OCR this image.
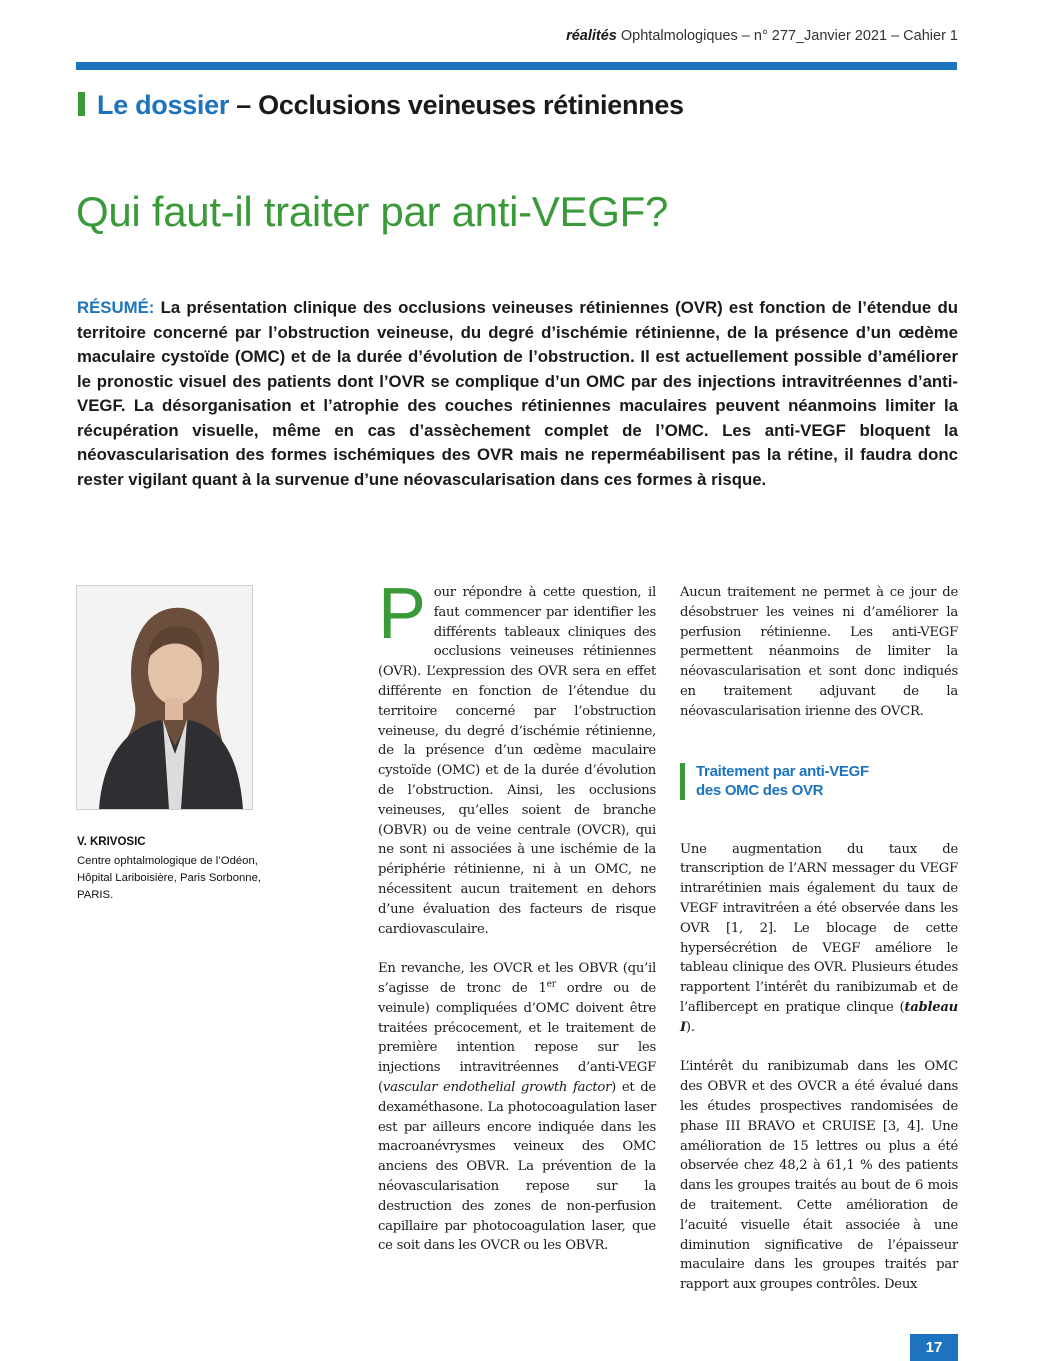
réalités Ophtalmologiques – n° 277_Janvier 2021 – Cahier 1
Le dossier – Occlusions veineuses rétiniennes
Qui faut-il traiter par anti-VEGF?

RÉSUMÉ: La présentation clinique des occlusions veineuses rétiniennes (OVR) est fonction de l’étendue du territoire concerné par l’obstruction veineuse, du degré d’ischémie rétinienne, de la présence d’un œdème maculaire cystoïde (OMC) et de la durée d’évolution de l’obstruction. Il est actuellement possible d’améliorer le pronostic visuel des patients dont l’OVR se complique d’un OMC par des injections intravitréennes d’anti-VEGF. La désorganisation et l’atrophie des couches rétiniennes maculaires peuvent néanmoins limiter la récupération visuelle, même en cas d’assèchement complet de l’OMC. Les anti-VEGF bloquent la néovascularisation des formes ischémiques des OVR mais ne reperméabilisent pas la rétine, il faudra donc rester vigilant quant à la survenue d’une néovascularisation dans ces formes à risque.

V. KRIVOSIC

Centre ophtalmologique de l’Odéon,
Hôpital Lariboisière, Paris Sorbonne,
PARIS.

Pour répondre à cette question, il faut commencer par identifier les différents tableaux cliniques des occlusions veineuses rétiniennes (OVR). L’expression des OVR sera en effet différente en fonction de l’étendue du territoire concerné par l’obstruction veineuse, du degré d’ischémie rétinienne, de la présence d’un œdème maculaire cystoïde (OMC) et de la durée d’évolution de l’obstruction. Ainsi, les occlusions veineuses, qu’elles soient de branche (OBVR) ou de veine centrale (OVCR), qui ne sont ni associées à une ischémie de la périphérie rétinienne, ni à un OMC, ne nécessitent aucun traitement en dehors d’une évaluation des facteurs de risque cardiovasculaire.

En revanche, les OVCR et les OBVR (qu’il s’agisse de tronc de 1er ordre ou de veinule) compliquées d’OMC doivent être traitées précocement, et le traitement de première intention repose sur les injections intravitréennes d’anti-VEGF (vascular endothelial growth factor) et de dexaméthasone. La photocoagulation laser est par ailleurs encore indiquée dans les macroanévrysmes veineux des OMC anciens des OBVR. La prévention de la néovascularisation repose sur la destruction des zones de non-perfusion capillaire par photocoagulation laser, que ce soit dans les OVCR ou les OBVR.

Aucun traitement ne permet à ce jour de désobstruer les veines ni d’améliorer la perfusion rétinienne. Les anti-VEGF permettent néanmoins de limiter la néovascularisation et sont donc indiqués en traitement adjuvant de la néovascularisation irienne des OVCR.

Traitement par anti-VEGF
des OMC des OVR

Une augmentation du taux de transcription de l’ARN messager du VEGF intrarétinien mais également du taux de VEGF intravitréen a été observée dans les OVR [1, 2]. Le blocage de cette hypersécrétion de VEGF améliore le tableau clinique des OVR. Plusieurs études rapportent l’intérêt du ranibizumab et de l’aflibercept en pratique clinque (tableau I).

L’intérêt du ranibizumab dans les OMC des OBVR et des OVCR a été évalué dans les études prospectives randomisées de phase III BRAVO et CRUISE [3, 4]. Une amélioration de 15 lettres ou plus a été observée chez 48,2 à 61,1 % des patients dans les groupes traités au bout de 6 mois de traitement. Cette amélioration de l’acuité visuelle était associée à une diminution significative de l’épaisseur maculaire dans les groupes traités par rapport aux groupes contrôles. Deux

17
